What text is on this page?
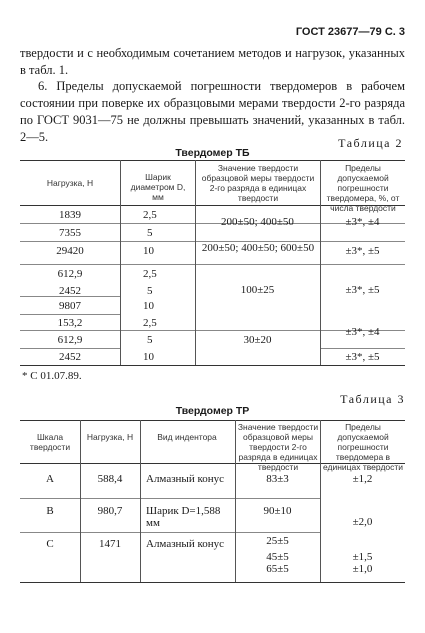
ГОСТ 23677—79 С. 3
твердости и с необходимым сочетанием методов и нагрузок, указанных в табл. 1.
6. Пределы допускаемой погрешности твердомеров в рабочем состоянии при поверке их образцовыми мерами твердости 2-го разряда по ГОСТ 9031—75 не должны превышать значений, указанных в табл. 2—5.	Таблица 2
Твердомер ТБ
Нагрузка, Н
Шарик диаметром D, мм
Значение твердости образцовой меры твердости 2-го разряда в единицах твердости
Пределы допускаемой погрешности твердомера, %, от числа твердости
1839
7355
29420
612,9
2452
9807
153,2
612,9
2452
2,5
5
10
2,5
5
10
2,5
5
10
200±50; 400±50
200±50; 400±50; 600±50
100±25
30±20
±3*, ±4
±3*, ±5
±3*, ±5
±3*, ±4
±3*, ±5
* С 01.07.89.
Таблица 3
Твердомер ТР
Шкала твердости
Нагрузка, Н	Вид индентора
Значение твердости образцовой меры твердости 2-го разряда в единицах твердости
Пределы допускаемой погрешности твердомера в единицах твердости
А
В
С
588,4
980,7
1471
Алмазный конус
Шарик D=1,588 мм
Алмазный конус
83±3
90±10
25±5
45±5
65±5
±1,2
±2,0
±1,5
±1,0
